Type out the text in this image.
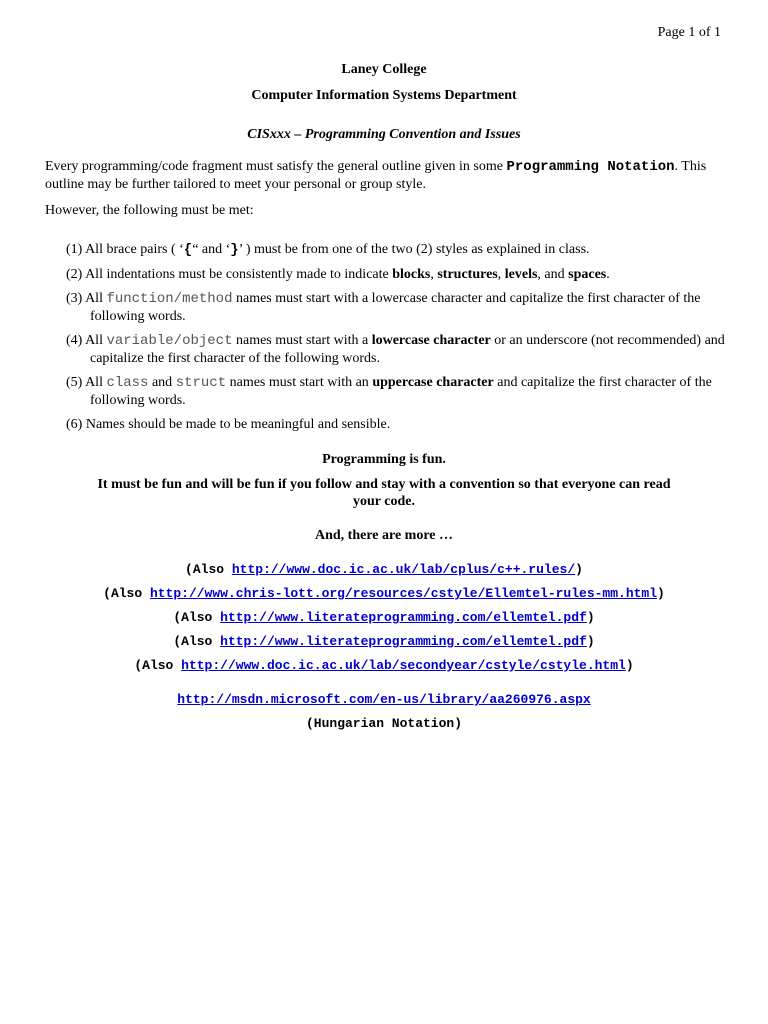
Page 1 of 1
Laney College
Computer Information Systems Department
CISxxx – Programming Convention and Issues
Every programming/code fragment must satisfy the general outline given in some Programming Notation. This outline may be further tailored to meet your personal or group style.
However, the following must be met:
(1) All brace pairs ( ‘{“ and ‘}’ ) must be from one of the two (2) styles as explained in class.
(2) All indentations must be consistently made to indicate blocks, structures, levels, and spaces.
(3) All function/method names must start with a lowercase character and capitalize the first character of the following words.
(4) All variable/object names must start with a lowercase character or an underscore (not recommended) and capitalize the first character of the following words.
(5) All class and struct names must start with an uppercase character and capitalize the first character of the following words.
(6) Names should be made to be meaningful and sensible.
Programming is fun.
It must be fun and will be fun if you follow and stay with a convention so that everyone can read your code.
And, there are more …
(Also http://www.doc.ic.ac.uk/lab/cplus/c++.rules/)
(Also http://www.chris-lott.org/resources/cstyle/Ellemtel-rules-mm.html)
(Also http://www.literateprogramming.com/ellemtel.pdf)
(Also http://www.literateprogramming.com/ellemtel.pdf)
(Also http://www.doc.ic.ac.uk/lab/secondyear/cstyle/cstyle.html)
http://msdn.microsoft.com/en-us/library/aa260976.aspx
(Hungarian Notation)
